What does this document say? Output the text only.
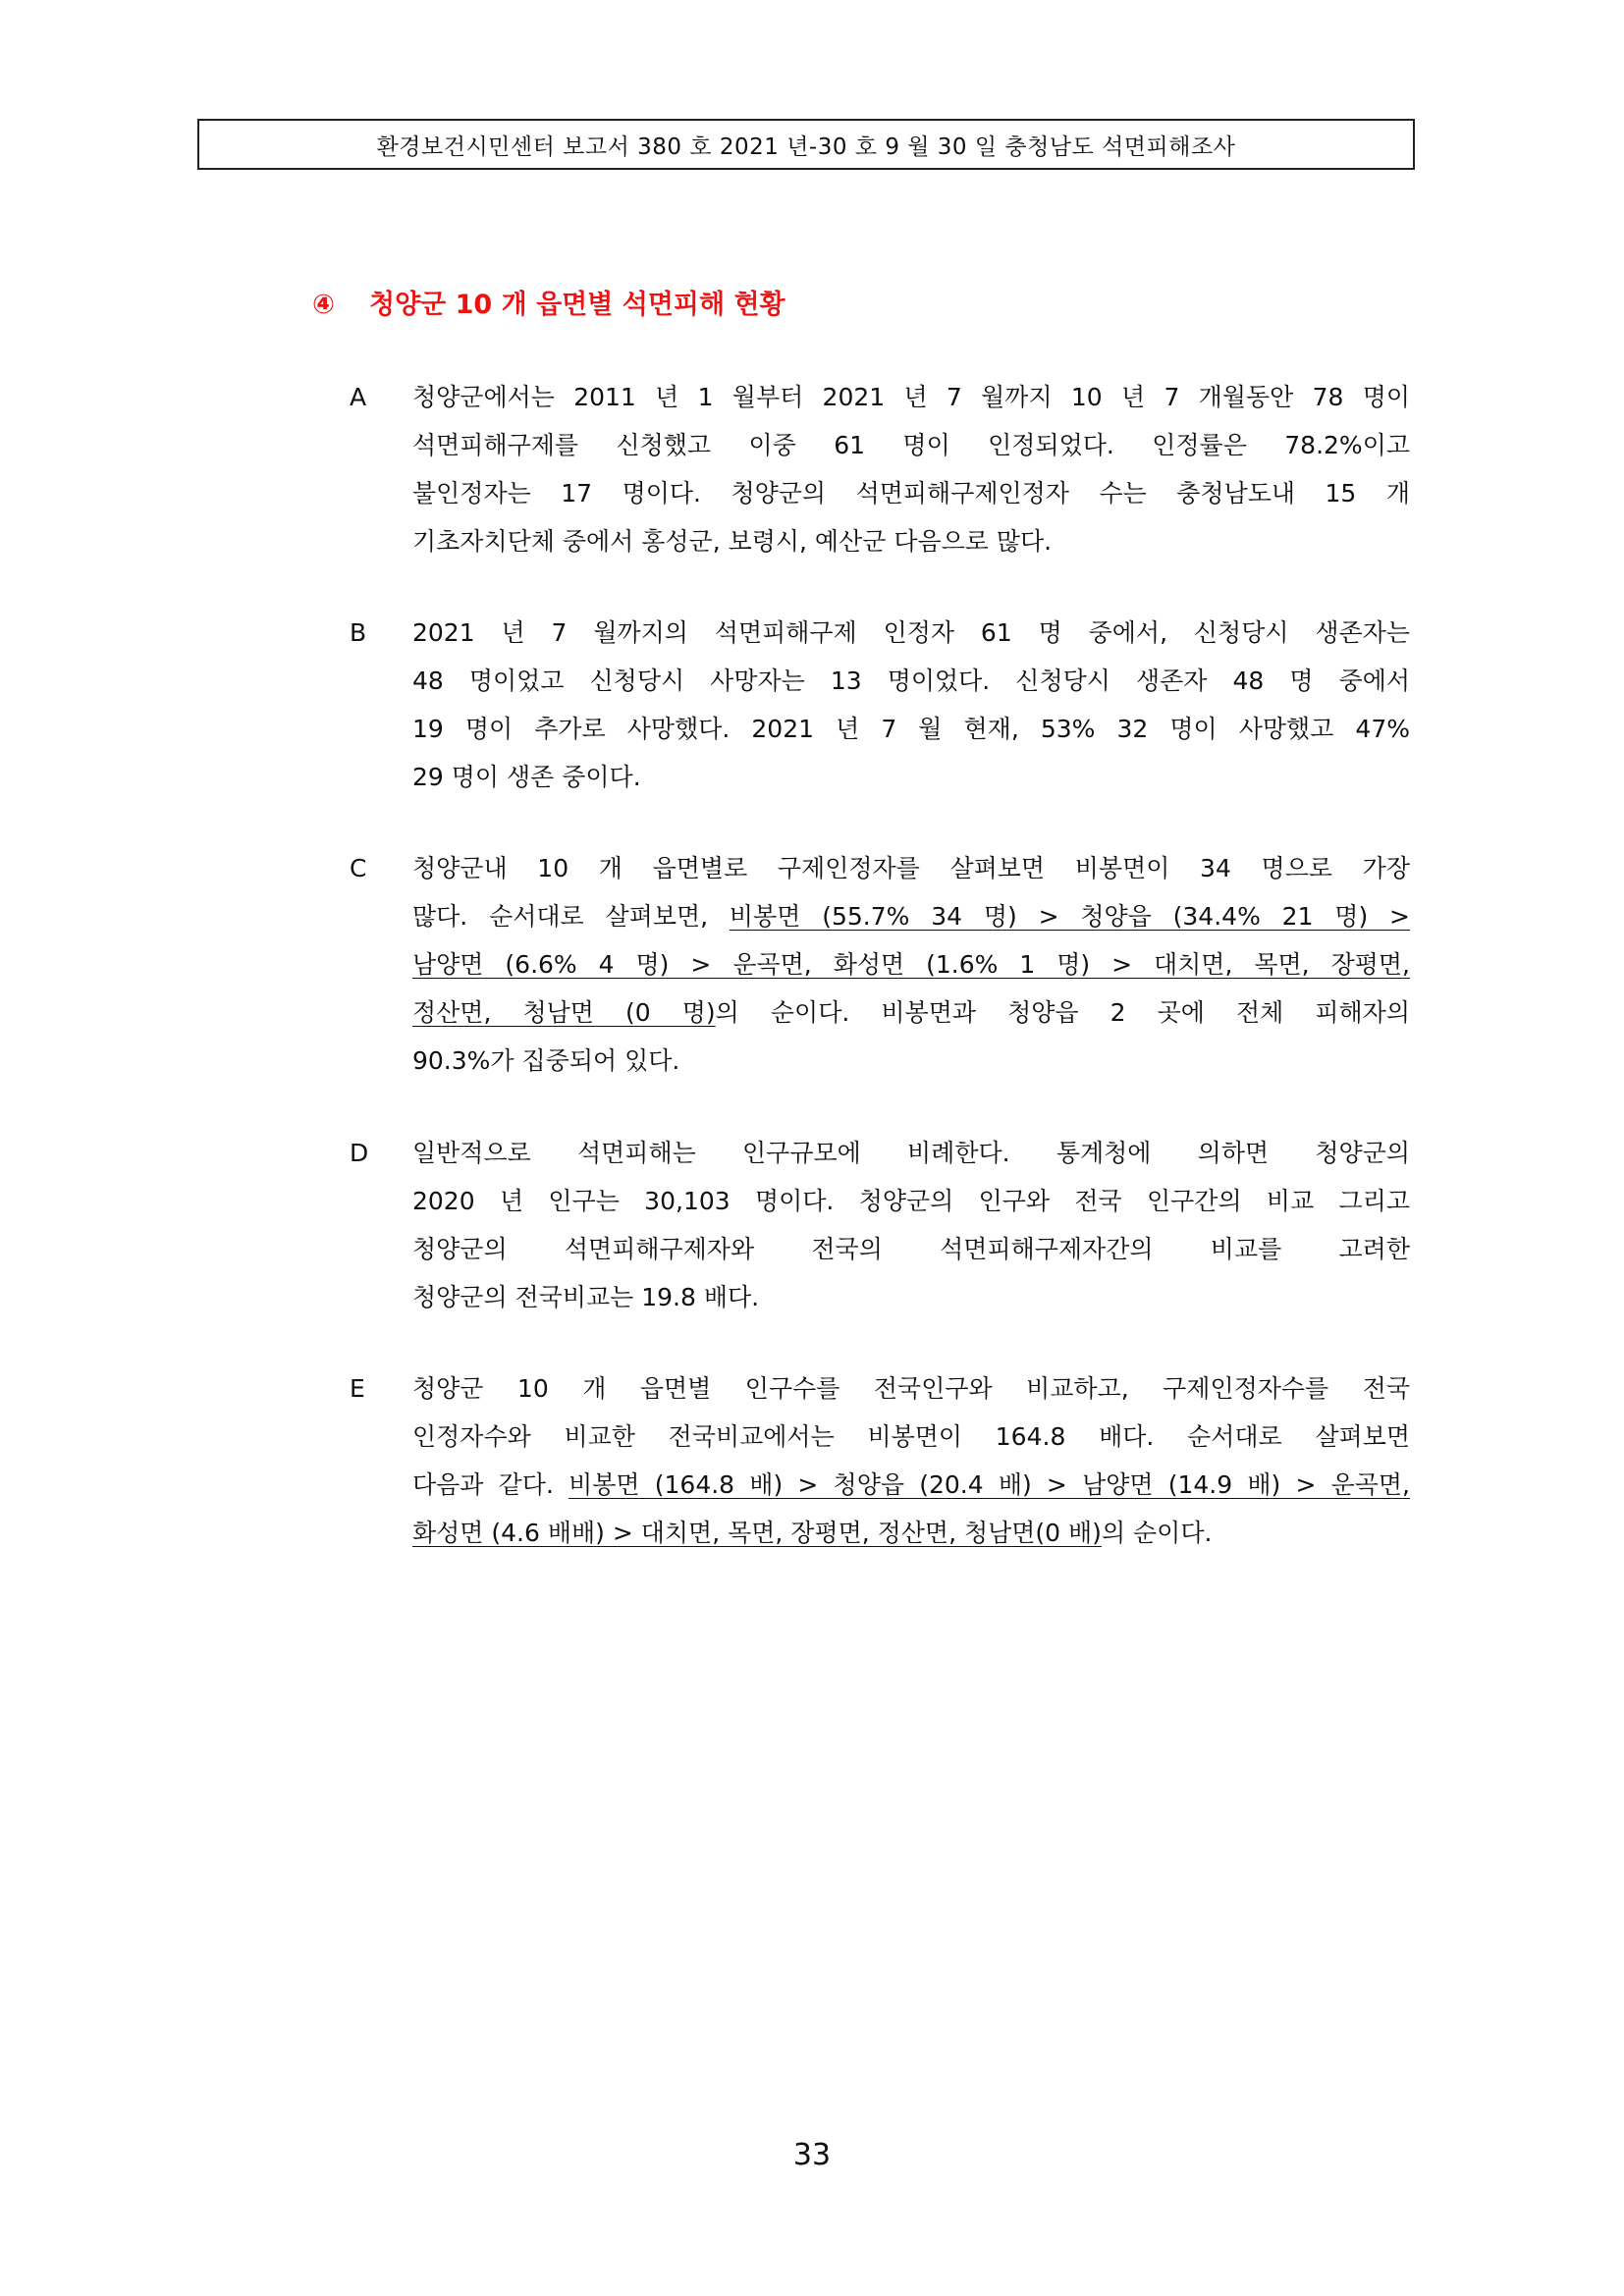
환경보건시민센터 보고서 380 호 2021 년-30 호 9 월 30 일 충청남도 석면피해조사
④ 청양군 10 개 읍면별 석면피해 현황
A	청양군에서는 2011 년 1 월부터 2021 년 7 월까지 10 년 7 개월동안 78 명이
석면피해구제를 신청했고 이중 61 명이 인정되었다. 인정률은 78.2%이고
불인정자는 17 명이다. 청양군의 석면피해구제인정자 수는 충청남도내 15 개
기초자치단체 중에서 홍성군, 보령시, 예산군 다음으로 많다.
B	2021 년 7 월까지의 석면피해구제 인정자 61 명 중에서, 신청당시 생존자는
48 명이었고 신청당시 사망자는 13 명이었다. 신청당시 생존자 48 명 중에서
19 명이 추가로 사망했다. 2021 년 7 월 현재, 53% 32 명이 사망했고 47%
29 명이 생존 중이다.
C	청양군내 10 개 읍면별로 구제인정자를 살펴보면 비봉면이 34 명으로 가장
많다. 순서대로 살펴보면, 비봉면 (55.7% 34 명) > 청양읍 (34.4% 21 명) >
남양면 (6.6% 4 명) > 운곡면, 화성면 (1.6% 1 명) > 대치면, 목면, 장평면,
정산면, 청남면 (0 명)의 순이다. 비봉면과 청양읍 2 곳에 전체 피해자의
90.3%가 집중되어 있다.
D	일반적으로 석면피해는 인구규모에 비례한다. 통계청에 의하면 청양군의
2020 년 인구는 30,103 명이다. 청양군의 인구와 전국 인구간의 비교 그리고
청양군의 석면피해구제자와 전국의 석면피해구제자간의 비교를 고려한
청양군의 전국비교는 19.8 배다.
E	청양군 10 개 읍면별 인구수를 전국인구와 비교하고, 구제인정자수를 전국
인정자수와 비교한 전국비교에서는 비봉면이 164.8 배다. 순서대로 살펴보면
다음과 같다. 비봉면 (164.8 배) > 청양읍 (20.4 배) > 남양면 (14.9 배) > 운곡면,
화성면 (4.6 배배) > 대치면, 목면, 장평면, 정산면, 청남면(0 배)의 순이다.
33
